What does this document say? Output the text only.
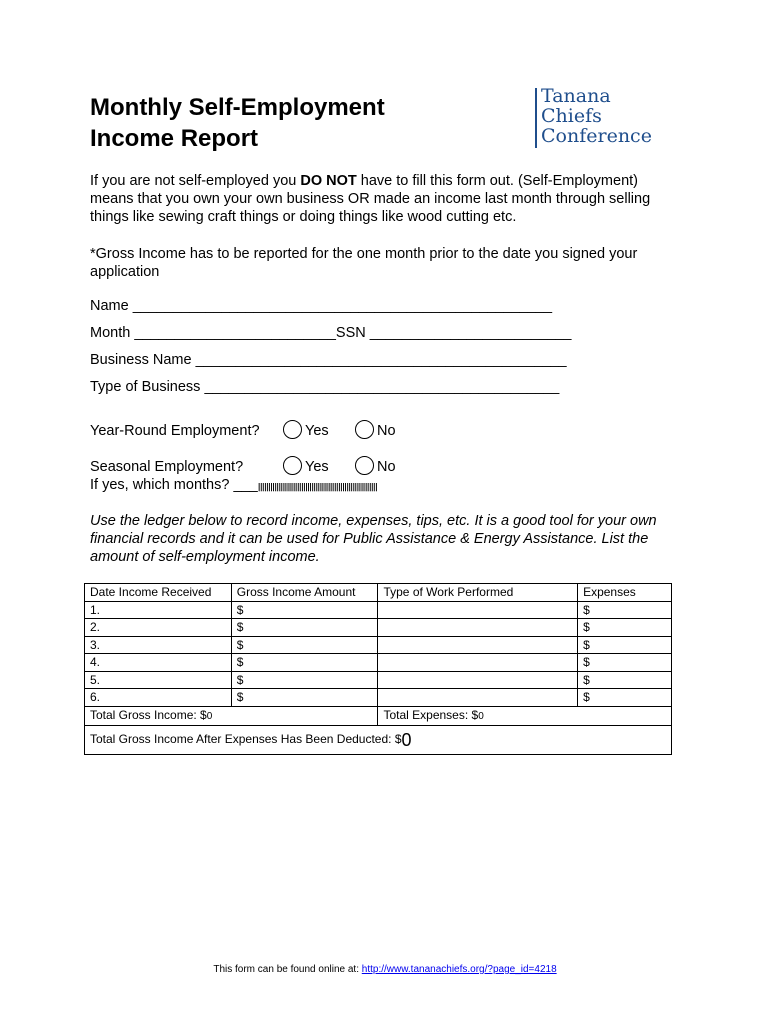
Monthly Self-Employment
Income Report
Tanana
Chiefs
Conference
If you are not self-employed you DO NOT have to fill this form out. (Self-Employment) means that you own your own business OR made an income last month through selling things like sewing craft things or doing things like wood cutting etc.
*Gross Income has to be reported for the one month prior to the date you signed your application
Name ____________________________________________________
Month _________________________SSN _________________________
Business Name ______________________________________________
Type of Business ____________________________________________
Year-Round Employment?	Yes	No
Seasonal Employment?	Yes	No
If yes, which months? ___ꞁꞁꞁꞁꞁꞁꞁꞁꞁꞁꞁꞁꞁꞁꞁꞁꞁꞁꞁꞁꞁꞁꞁꞁꞁꞁꞁꞁꞁꞁꞁꞁꞁꞁꞁꞁꞁꞁꞁꞁꞁꞁꞁꞁꞁꞁꞁꞁꞁꞁꞁꞁꞁꞁꞁꞁꞁꞁ
Use the ledger below to record income, expenses, tips, etc. It is a good tool for your own financial records and it can be used for Public Assistance & Energy Assistance. List the amount of self-employment income.
Date Income Received	Gross Income Amount	Type of Work Performed	Expenses
1.	$		$
2.	$		$
3.	$		$
4.	$		$
5.	$		$
6.	$		$
Total Gross Income: $0		Total Expenses: $0	
Total Gross Income After Expenses Has Been Deducted: $0			
This form can be found online at: http://www.tananachiefs.org/?page_id=4218
